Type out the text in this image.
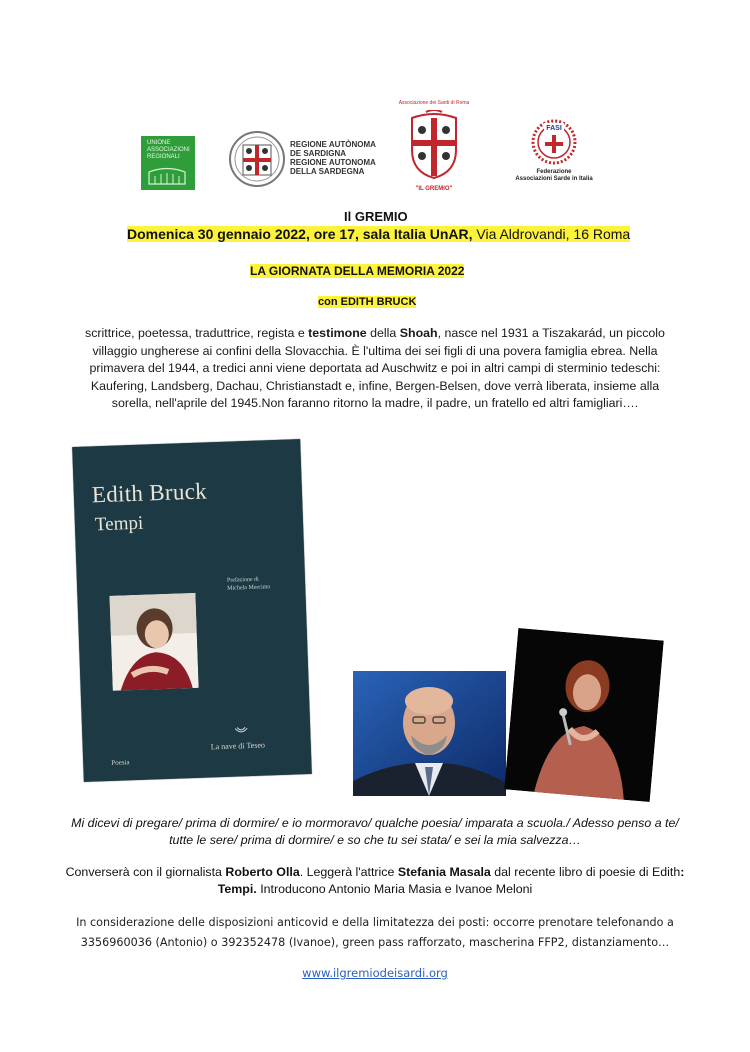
UNIONE ASSOCIAZIONI REGIONALI
REGIONE AUTÒNOMA
DE SARDIGNA
REGIONE AUTONOMA
DELLA SARDEGNA
Associazione dei Sardi di Roma
"IL GREMIO"
FASI
Federazione
Associazioni Sarde in Italia
Il GREMIO
Domenica 30 gennaio 2022, ore 17, sala Italia UnAR, Via Aldrovandi, 16 Roma
LA GIORNATA DELLA MEMORIA 2022
con EDITH BRUCK
scrittrice, poetessa, traduttrice, regista e testimone della Shoah, nasce nel 1931 a Tiszakarád, un piccolo villaggio ungherese ai confini della Slovacchia. È l'ultima dei sei figli di una povera famiglia ebrea. Nella primavera del 1944, a tredici anni viene deportata ad Auschwitz e poi in altri campi di sterminio tedeschi: Kaufering, Landsberg, Dachau, Christianstadt e, infine, Bergen-Belsen, dove verrà liberata, insieme alla sorella, nell'aprile del 1945.Non faranno ritorno la madre, il padre, un fratello ed altri famigliari….
Edith Bruck
Tempi
Prefazione di
Michela Mercimo
La nave di Teseo
Poesia
Mi dicevi di pregare/ prima di dormire/ e io mormoravo/ qualche poesia/ imparata a scuola./ Adesso penso a te/ tutte le sere/ prima di dormire/ e so che tu sei stata/ e sei la mia salvezza…
Converserà con il giornalista Roberto Olla. Leggerà l'attrice Stefania Masala dal recente libro di poesie di Edith: Tempi. Introducono Antonio Maria Masia e Ivanoe Meloni
In considerazione delle disposizioni anticovid e della limitatezza dei posti: occorre prenotare telefonando a 3356960036 (Antonio) o 392352478 (Ivanoe), green pass rafforzato, mascherina FFP2, distanziamento…
www.ilgremiodeisardi.org
